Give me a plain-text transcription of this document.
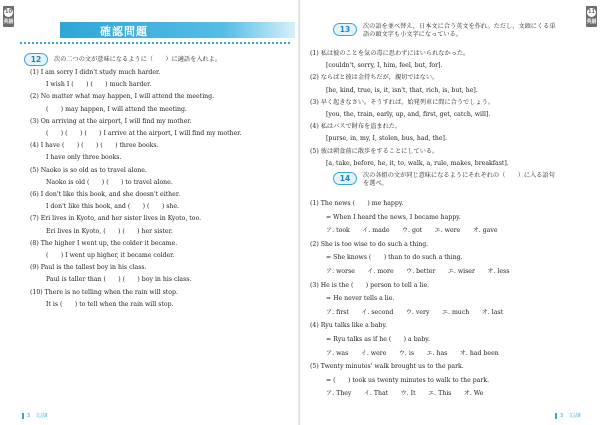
10
英語
確認問題
12	次の二つの文が意味になるように（　　）に適語を入れよ。
(1) I am sorry I didn't study much harder.
I wish I (　　) (　　) much harder.
(2) No matter what may happen, I will attend the meeting.
(　　) may happen, I will attend the meeting.
(3) On arriving at the airport, I will find my mother.
(　　) (　　) (　　) I arrive at the airport, I will find my mother.
(4) I have (　　) (　　) (　　) three books.
I have only three books.
(5) Naoko is so old as to travel alone.
Naoko is old (　　) (　　) to travel alone.
(6) I don't like this book, and she doesn't either.
I don't like this book, and (　　) (　　) she.
(7) Eri lives in Kyoto, and her sister lives in Kyoto, too.
Eri lives in Kyoto, (　　) (　　) her sister.
(8) The higher I went up, the colder it became.
(　　) I went up higher, it became colder.
(9) Paul is the tallest boy in his class.
Paul is taller than (　　) (　　) boy in his class.
(10) There is no telling when the rain will stop.
It is (　　) to tell when the rain will stop.
3　文法Ⅱ
13	次の語を並べ替え，日本文に合う英文を作れ。ただし，文頭にくる単
語の頭文字も小文字になっている。
(1) 私は彼のことを気の毒に思わずにはいられなかった。
[couldn't, sorry, I, him, feel, but, for].
(2) ならばと彼は金持ちだが，親切ではない。
[he, kind, true, is, it, isn't, that, rich, is, but, he].
(3) 早く起きなさい。そうすれば，始発列車に間に合うでしょう。
[you, the, train, early, up, and, first, get, catch, will].
(4) 私はバスで財布を盗まれた。
[purse, in, my, I, stolen, bus, had, the].
(5) 彼は朝食前に散歩をすることにしている。
[a, take, before, he, it, to, walk, a, rule, makes, breakfast].
14	次の各組の文が同じ意味になるようにそれぞれの（　　）に入る語句
を選べ。
(1) The news (　　) me happy.
= When I heard the news, I became happy.
ア. took　　イ. made　　ウ. got　　エ. were　　オ. gave
(2) She is too wise to do such a thing.
= She knows (　　) than to do such a thing.
ア. worse　　イ. more　　ウ. better　　エ. wiser　　オ. less
(3) He is the (　　) person to tell a lie.
= He never tells a lie.
ア. first　　イ. second　　ウ. very　　エ. much　　オ. last
(4) Ryu talks like a baby.
= Ryu talks as if he (　　) a baby.
ア. was　　イ. were　　ウ. is　　エ. has　　オ. had been
(5) Twenty minutes' walk brought us to the park.
= (　　) took us twenty minutes to walk to the park.
ア. They　　イ. That　　ウ. It　　エ. This　　オ. We
11
英語
3　文法Ⅱ
